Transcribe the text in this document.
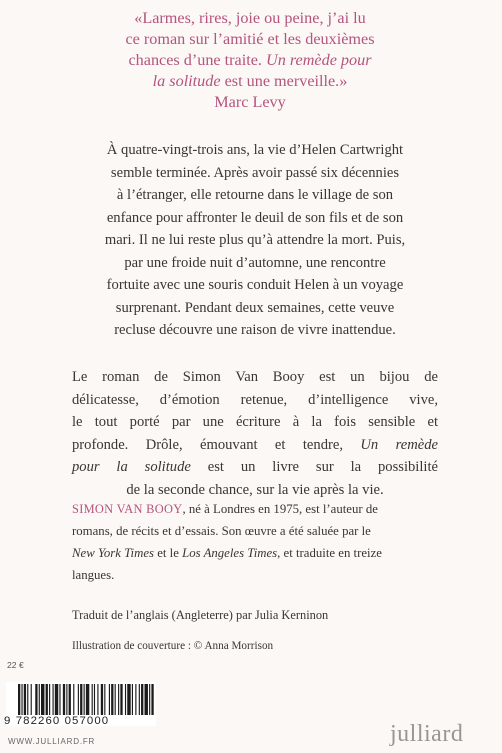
«Larmes, rires, joie ou peine, j’ai lu
ce roman sur l’amitié et les deuxièmes
chances d’une traite. Un remède pour
la solitude est une merveille.»
Marc Levy
À quatre-vingt-trois ans, la vie d’Helen Cartwright
semble terminée. Après avoir passé six décennies
à l’étranger, elle retourne dans le village de son
enfance pour affronter le deuil de son fils et de son
mari. Il ne lui reste plus qu’à attendre la mort. Puis,
par une froide nuit d’automne, une rencontre
fortuite avec une souris conduit Helen à un voyage
surprenant. Pendant deux semaines, cette veuve
recluse découvre une raison de vivre inattendue.
Le roman de Simon Van Booy est un bijou de
délicatesse, d’émotion retenue, d’intelligence vive,
le tout porté par une écriture à la fois sensible et
profonde. Drôle, émouvant et tendre, Un remède
pour la solitude est un livre sur la possibilité
de la seconde chance, sur la vie après la vie.
SIMON VAN BOOY, né à Londres en 1975, est l’auteur de
romans, de récits et d’essais. Son œuvre a été saluée par le
New York Times et le Los Angeles Times, et traduite en treize
langues.
Traduit de l’anglais (Angleterre) par Julia Kerninon
Illustration de couverture : © Anna Morrison
22 €
9 782260 057000
WWW.JULLIARD.FR	julliard
